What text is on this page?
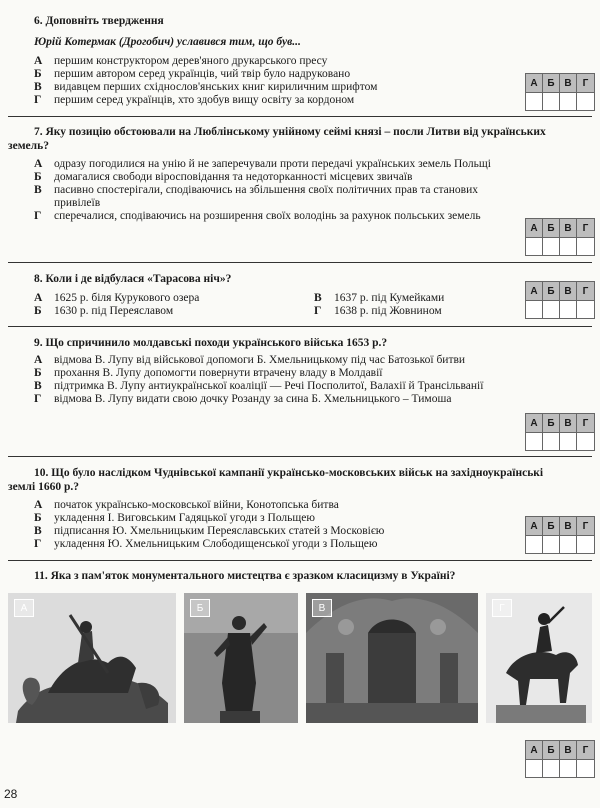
6. Доповніть твердження
Юрій Котермак (Дрогобич) уславився тим, що був...
А	першим конструктором дерев'яного друкарського пресу
Б	першим автором серед українців, чий твір було надруковано
В	видавцем перших східнослов'янських книг кириличним шрифтом
Г	першим серед українців, хто здобув вищу освіту за кордоном
А Б В	Г
7. Яку позицію обстоювали на Люблінському унійному сеймі князі – посли Литви від українських
земель?
А	одразу погодилися на унію й не заперечували проти передачі українських земель Польщі
Б	домагалися свободи віросповідання та недоторканності місцевих звичаїв
В	пасивно спостерігали, сподіваючись на збільшення своїх політичних прав та станових привілеїв
Г	сперечалися, сподіваючись на розширення своїх володінь за рахунок польських земель
А Б В	Г
8. Коли і де відбулася «Тарасова ніч»?
А	1625 р. біля Курукового озера
Б	1630 р. під Переяславом
В	1637 р. під Кумейками
Г	1638 р. під Жовнином
А Б В	Г
9. Що спричинило молдавські походи українського війська 1653 р.?
А	відмова В. Лупу від військової допомоги Б. Хмельницькому під час Батозької битви
Б	прохання В. Лупу допомогти повернути втрачену владу в Молдавії
В	підтримка В. Лупу антиукраїнської коаліції — Речі Посполитої, Валахії й Трансільванії
Г	відмова В. Лупу видати свою дочку Розанду за сина Б. Хмельницького – Тимоша
А Б В	Г
10. Що було наслідком Чуднівської кампанії українсько-московських військ на західноукраїнські
землі 1660 р.?
А	початок українсько-московської війни, Конотопська битва
Б	укладення І. Виговським Гадяцької угоди з Польщею
В	підписання Ю. Хмельницьким Переяславських статей з Московією
Г	укладення Ю. Хмельницьким Слободищенської угоди з Польщею
А Б В	Г
11. Яка з пам'яток монументального мистецтва є зразком класицизму в Україні?
А	Б	В	Г
А Б В	Г
28
